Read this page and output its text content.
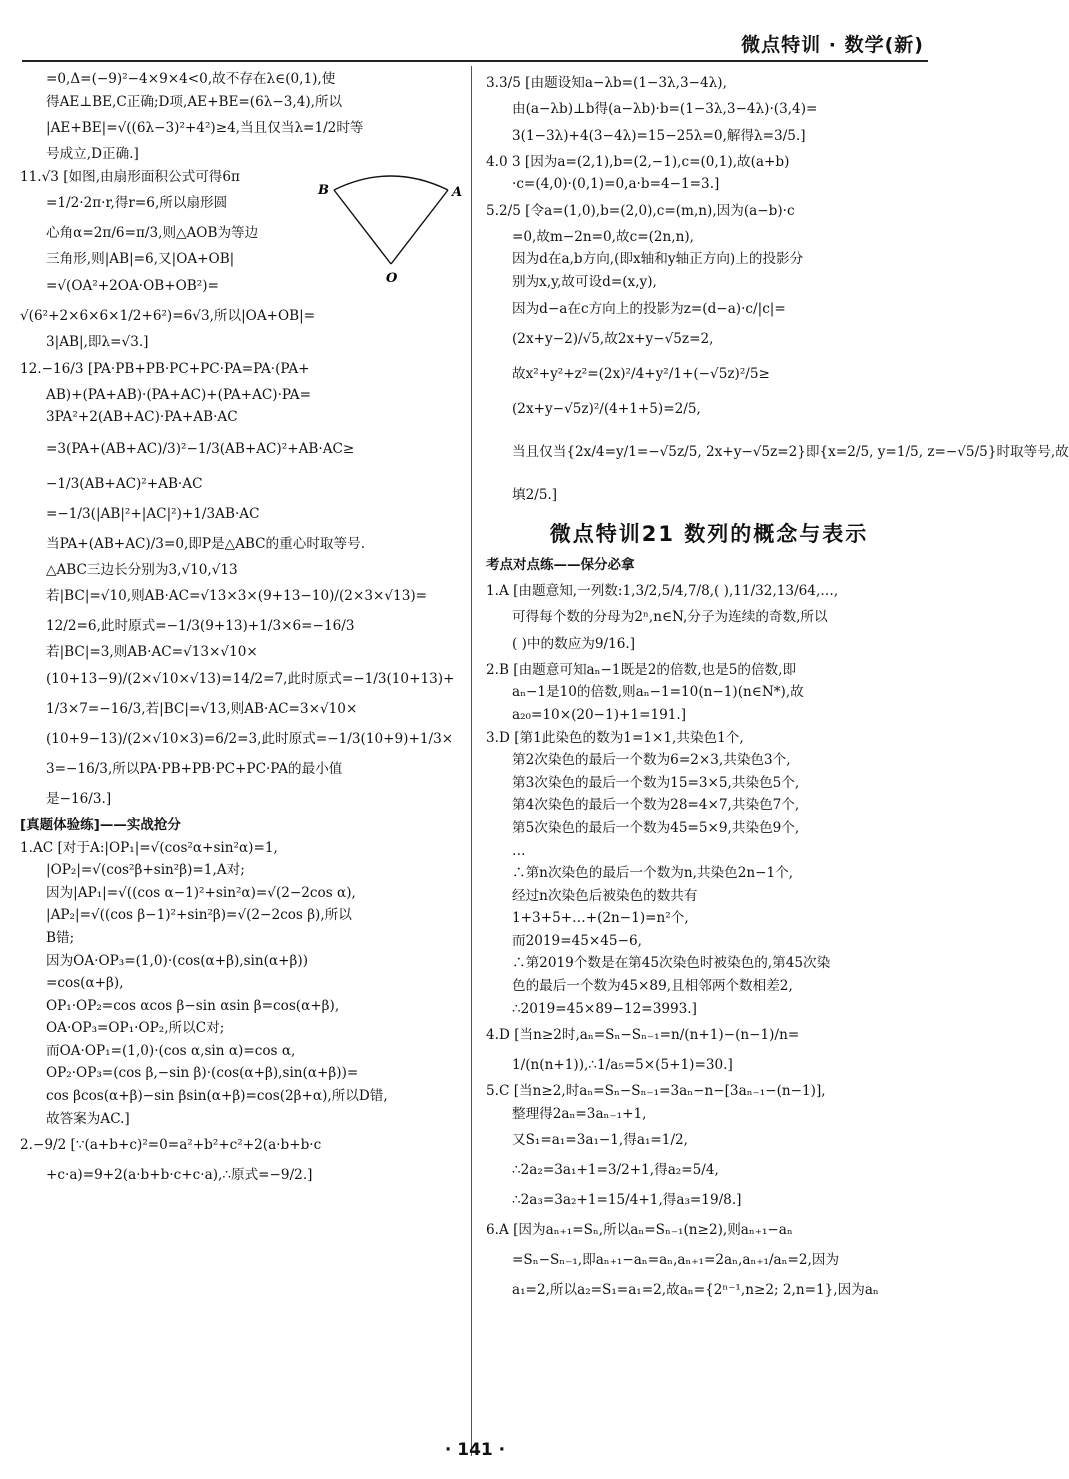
微点特训 · 数学(新)
=0,Δ=(−9)²−4×9×4<0,故不存在λ∈(0,1),使
得AE⊥BE,C正确;D项,AE+BE=(6λ−3,4),所以
|AE+BE|=√((6λ−3)²+4²)≥4,当且仅当λ=1/2时等
号成立,D正确.]
11.√3 [如图,由扇形面积公式可得6π
=1/2·2π·r,得r=6,所以扇形圆
心角α=2π/6=π/3,则△AOB为等边
三角形,则|AB|=6,又|OA+OB|
=√(OA²+2OA·OB+OB²)=
√(6²+2×6×6×1/2+6²)=6√3,所以|OA+OB|=
3|AB|,即λ=√3.]
12.−16/3 [PA·PB+PB·PC+PC·PA=PA·(PA+
AB)+(PA+AB)·(PA+AC)+(PA+AC)·PA=
3PA²+2(AB+AC)·PA+AB·AC
=3(PA+(AB+AC)/3)²−1/3(AB+AC)²+AB·AC≥
−1/3(AB+AC)²+AB·AC
=−1/3(|AB|²+|AC|²)+1/3AB·AC
当PA+(AB+AC)/3=0,即P是△ABC的重心时取等号.
△ABC三边长分别为3,√10,√13
若|BC|=√10,则AB·AC=√13×3×(9+13−10)/(2×3×√13)=
12/2=6,此时原式=−1/3(9+13)+1/3×6=−16/3
若|BC|=3,则AB·AC=√13×√10×
(10+13−9)/(2×√10×√13)=14/2=7,此时原式=−1/3(10+13)+
1/3×7=−16/3,若|BC|=√13,则AB·AC=3×√10×
(10+9−13)/(2×√10×3)=6/2=3,此时原式=−1/3(10+9)+1/3×
3=−16/3,所以PA·PB+PB·PC+PC·PA的最小值
是−16/3.]
[真题体验练]——实战抢分
1.AC [对于A:|OP₁|=√(cos²α+sin²α)=1,
|OP₂|=√(cos²β+sin²β)=1,A对;
因为|AP₁|=√((cos α−1)²+sin²α)=√(2−2cos α),
|AP₂|=√((cos β−1)²+sin²β)=√(2−2cos β),所以
B错;
因为OA·OP₃=(1,0)·(cos(α+β),sin(α+β))
=cos(α+β),
OP₁·OP₂=cos αcos β−sin αsin β=cos(α+β),
OA·OP₃=OP₁·OP₂,所以C对;
而OA·OP₁=(1,0)·(cos α,sin α)=cos α,
OP₂·OP₃=(cos β,−sin β)·(cos(α+β),sin(α+β))=
cos βcos(α+β)−sin βsin(α+β)=cos(2β+α),所以D错,
故答案为AC.]
2.−9/2 [∵(a+b+c)²=0=a²+b²+c²+2(a·b+b·c
+c·a)=9+2(a·b+b·c+c·a),∴原式=−9/2.]
B	A
O
3.3/5 [由题设知a−λb=(1−3λ,3−4λ),
由(a−λb)⊥b得(a−λb)·b=(1−3λ,3−4λ)·(3,4)=
3(1−3λ)+4(3−4λ)=15−25λ=0,解得λ=3/5.]
4.0 3 [因为a=(2,1),b=(2,−1),c=(0,1),故(a+b)
·c=(4,0)·(0,1)=0,a·b=4−1=3.]
5.2/5 [令a=(1,0),b=(2,0),c=(m,n),因为(a−b)·c
=0,故m−2n=0,故c=(2n,n),
因为d在a,b方向,(即x轴和y轴正方向)上的投影分
别为x,y,故可设d=(x,y),
因为d−a在c方向上的投影为z=(d−a)·c/|c|=
(2x+y−2)/√5,故2x+y−√5z=2,
故x²+y²+z²=(2x)²/4+y²/1+(−√5z)²/5≥
(2x+y−√5z)²/(4+1+5)=2/5,
当且仅当{2x/4=y/1=−√5z/5, 2x+y−√5z=2}即{x=2/5, y=1/5, z=−√5/5}时取等号,故
填2/5.]
微点特训21 数列的概念与表示
考点对点练——保分必拿
1.A [由题意知,一列数:1,3/2,5/4,7/8,( ),11/32,13/64,…,
可得每个数的分母为2ⁿ,n∈N,分子为连续的奇数,所以
( )中的数应为9/16.]
2.B [由题意可知aₙ−1既是2的倍数,也是5的倍数,即
aₙ−1是10的倍数,则aₙ−1=10(n−1)(n∈N*),故
a₂₀=10×(20−1)+1=191.]
3.D [第1此染色的数为1=1×1,共染色1个,
第2次染色的最后一个数为6=2×3,共染色3个,
第3次染色的最后一个数为15=3×5,共染色5个,
第4次染色的最后一个数为28=4×7,共染色7个,
第5次染色的最后一个数为45=5×9,共染色9个,
…
∴第n次染色的最后一个数为n,共染色2n−1个,
经过n次染色后被染色的数共有
1+3+5+…+(2n−1)=n²个,
而2019=45×45−6,
∴第2019个数是在第45次染色时被染色的,第45次染
色的最后一个数为45×89,且相邻两个数相差2,
∴2019=45×89−12=3993.]
4.D [当n≥2时,aₙ=Sₙ−Sₙ₋₁=n/(n+1)−(n−1)/n=
1/(n(n+1)),∴1/a₅=5×(5+1)=30.]
5.C [当n≥2,时aₙ=Sₙ−Sₙ₋₁=3aₙ−n−[3aₙ₋₁−(n−1)],
整理得2aₙ=3aₙ₋₁+1,
又S₁=a₁=3a₁−1,得a₁=1/2,
∴2a₂=3a₁+1=3/2+1,得a₂=5/4,
∴2a₃=3a₂+1=15/4+1,得a₃=19/8.]
6.A [因为aₙ₊₁=Sₙ,所以aₙ=Sₙ₋₁(n≥2),则aₙ₊₁−aₙ
=Sₙ−Sₙ₋₁,即aₙ₊₁−aₙ=aₙ,aₙ₊₁=2aₙ,aₙ₊₁/aₙ=2,因为
a₁=2,所以a₂=S₁=a₁=2,故aₙ={2ⁿ⁻¹,n≥2; 2,n=1},因为aₙ
· 141 ·
